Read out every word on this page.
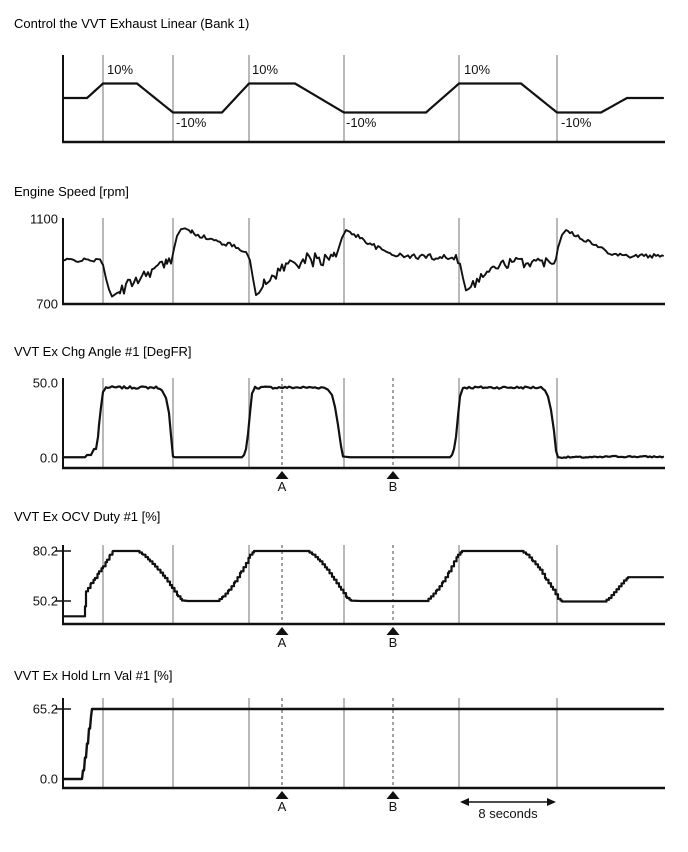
10%
-10%
10%
-10%
10%
-10%
1100
700
A	B
50.0
0.0
A	B
80.2
50.2
A	B
65.2
0.0
8 seconds
Control the VVT Exhaust Linear (Bank 1)
Engine Speed [rpm]
VVT Ex Chg Angle #1 [DegFR]
VVT Ex OCV Duty #1 [%]
VVT Ex Hold Lrn Val #1 [%]
